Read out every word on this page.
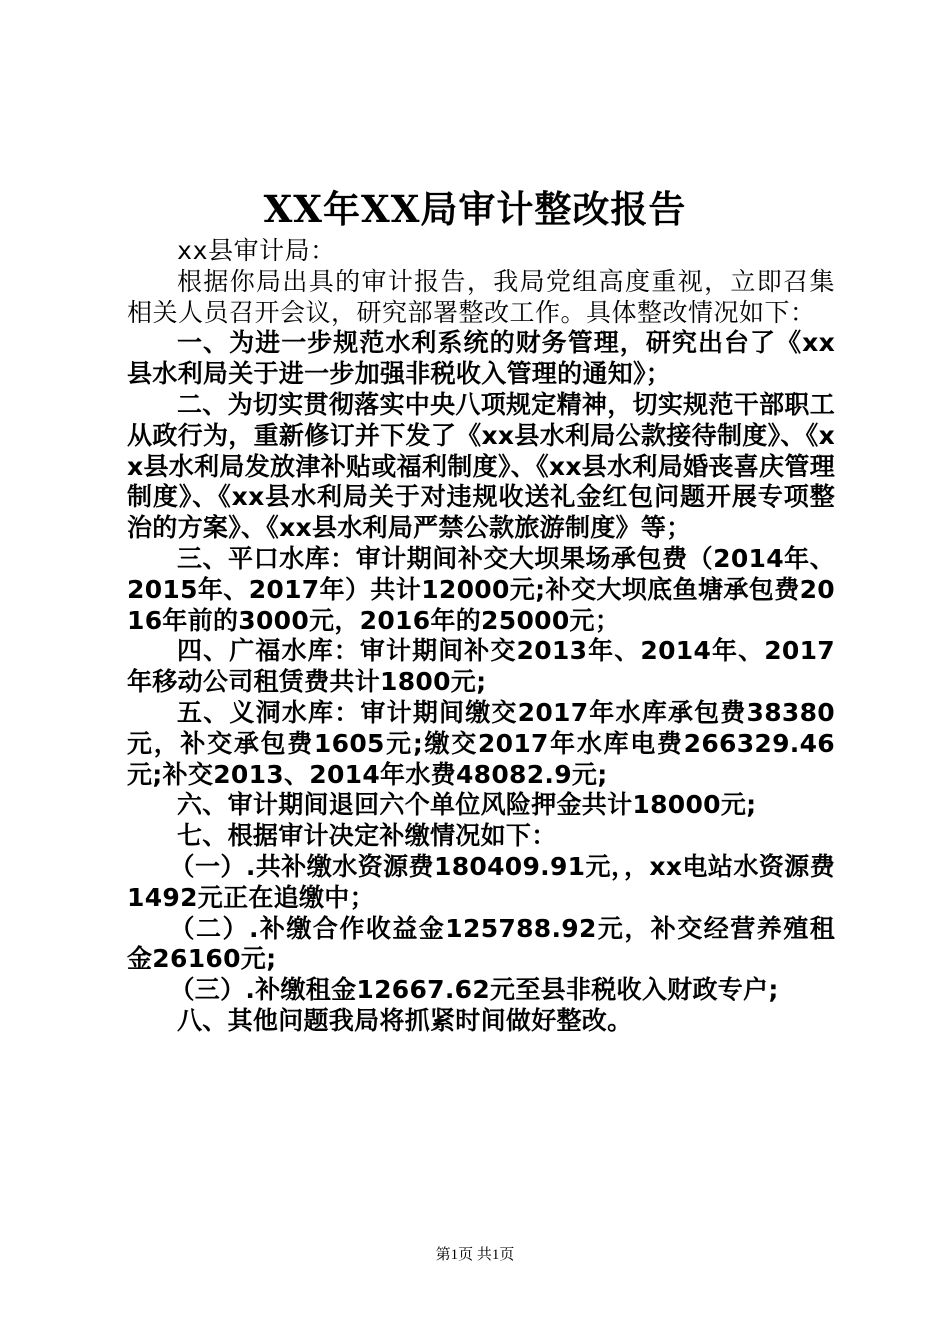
XX年XX局审计整改报告

xx县审计局：

根据你局出具的审计报告，我局党组高度重视，立即召集相关人员召开会议，研究部署整改工作。具体整改情况如下：

一、为进一步规范水利系统的财务管理，研究出台了《xx县水利局关于进一步加强非税收入管理的通知》；

二、为切实贯彻落实中央八项规定精神，切实规范干部职工从政行为，重新修订并下发了《xx县水利局公款接待制度》、《xx县水利局发放津补贴或福利制度》、《xx县水利局婚丧喜庆管理制度》、《xx县水利局关于对违规收送礼金红包问题开展专项整治的方案》、《xx县水利局严禁公款旅游制度》等；

三、平口水库：审计期间补交大坝果场承包费（2014年、2015年、2017年）共计12000元;补交大坝底鱼塘承包费2016年前的3000元，2016年的25000元；

四、广福水库：审计期间补交2013年、2014年、2017年移动公司租赁费共计1800元;

五、义洞水库：审计期间缴交2017年水库承包费38380元，补交承包费1605元;缴交2017年水库电费266329.46元;补交2013、2014年水费48082.9元;

六、审计期间退回六个单位风险押金共计18000元;

七、根据审计决定补缴情况如下：

（一）.共补缴水资源费180409.91元，，xx电站水资源费1492元正在追缴中；

（二）.补缴合作收益金125788.92元，补交经营养殖租金26160元;

（三）.补缴租金12667.62元至县非税收入财政专户;

八、其他问题我局将抓紧时间做好整改。

第1页 共1页
